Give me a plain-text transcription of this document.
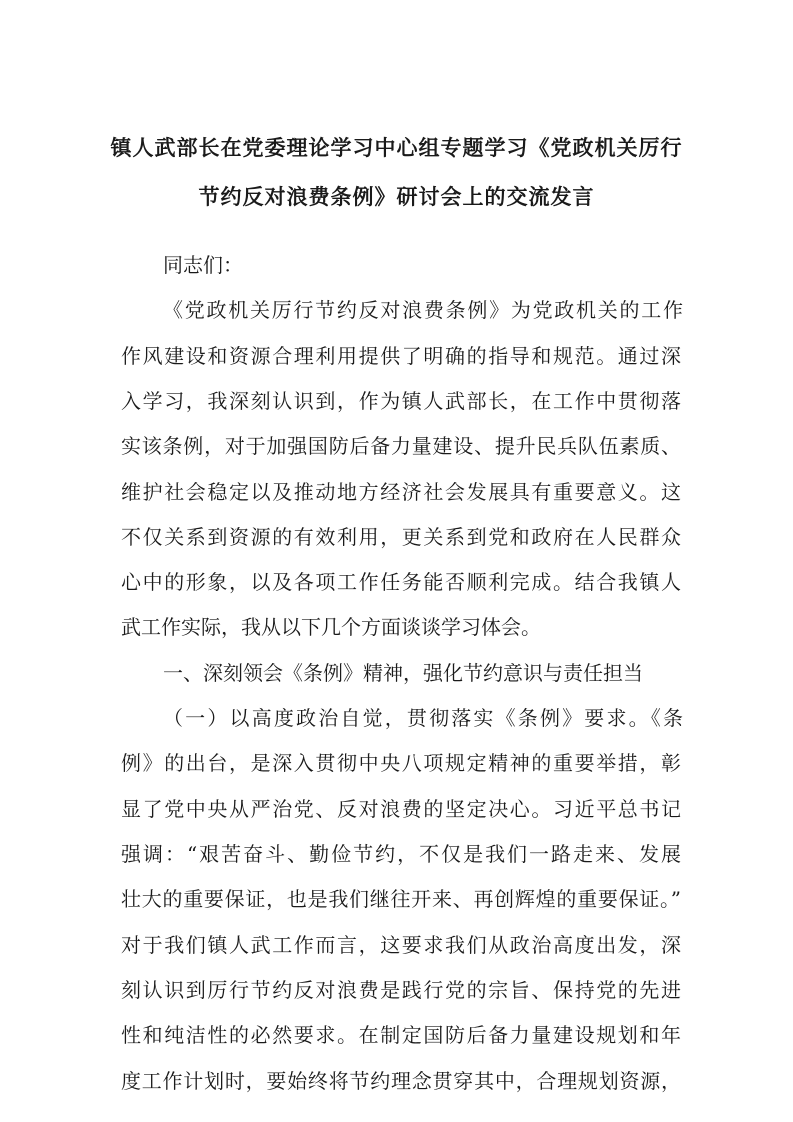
镇人武部长在党委理论学习中心组专题学习《党政机关厉行
节约反对浪费条例》研讨会上的交流发言
同志们：
《党政机关厉行节约反对浪费条例》为党政机关的工作
作风建设和资源合理利用提供了明确的指导和规范。通过深
入学习，我深刻认识到，作为镇人武部长，在工作中贯彻落
实该条例，对于加强国防后备力量建设、提升民兵队伍素质、
维护社会稳定以及推动地方经济社会发展具有重要意义。这
不仅关系到资源的有效利用，更关系到党和政府在人民群众
心中的形象，以及各项工作任务能否顺利完成。结合我镇人
武工作实际，我从以下几个方面谈谈学习体会。
一、深刻领会《条例》精神，强化节约意识与责任担当
（一）以高度政治自觉，贯彻落实《条例》要求。《条
例》的出台，是深入贯彻中央八项规定精神的重要举措，彰
显了党中央从严治党、反对浪费的坚定决心。习近平总书记
强调：“艰苦奋斗、勤俭节约，不仅是我们一路走来、发展
壮大的重要保证，也是我们继往开来、再创辉煌的重要保证。”
对于我们镇人武工作而言，这要求我们从政治高度出发，深
刻认识到厉行节约反对浪费是践行党的宗旨、保持党的先进
性和纯洁性的必然要求。在制定国防后备力量建设规划和年
度工作计划时，要始终将节约理念贯穿其中，合理规划资源，
